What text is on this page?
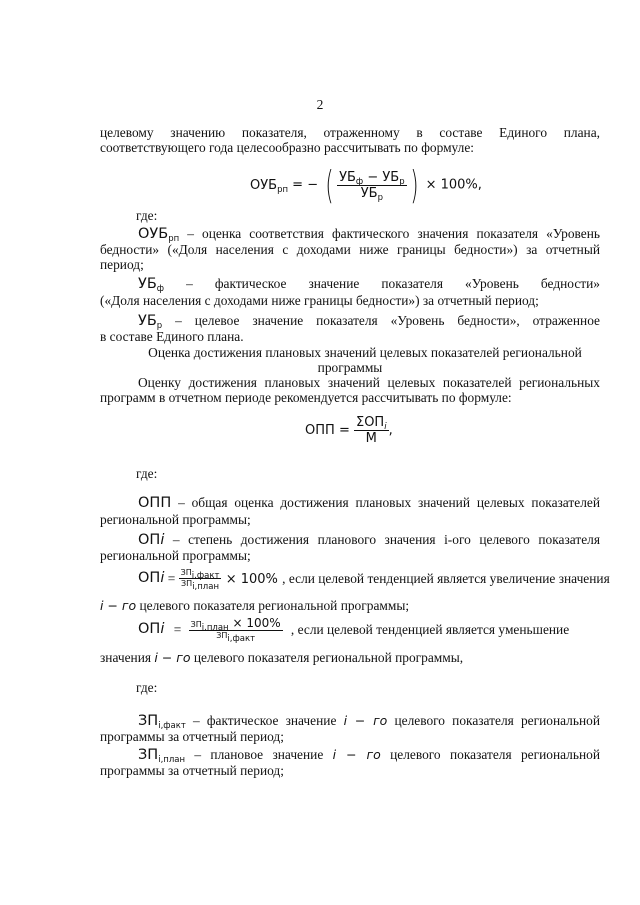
2
целевому значению показателя, отраженному в составе Единого плана,
соответствующего года целесообразно рассчитывать по формуле:
$ОУБ_{рп}$ = − ( $\frac{УБ_ф - УБ_р}{УБ_р}$ ) × 100%,
где:
$ОУБ_{рп}$ – оценка соответствия фактического значения показателя «Уровень
бедности» («Доля населения с доходами ниже границы бедности») за отчетный
период;
$УБ_ф$ – фактическое значение показателя «Уровень бедности»
(«Доля населения с доходами ниже границы бедности») за отчетный период;
$УБ_р$ – целевое значение показателя «Уровень бедности», отраженное
в составе Единого плана.
Оценка достижения плановых значений целевых показателей региональной
программы
Оценку достижения плановых значений целевых показателей региональных
программ в отчетном периоде рекомендуется рассчитывать по формуле:
ОПП = $\frac{\Sigma ОП_i}{М}$ ,
где:
ОПП – общая оценка достижения плановых значений целевых показателей
региональной программы;
ОПi – степень достижения планового значения i-ого целевого показателя
региональной программы;
ОПi = $\frac{ЗП_{i,факт}}{ЗП_{i,план}} \times 100\%$ , если целевой тенденцией является увеличение значения
i − го целевого показателя региональной программы;
ОПi = $\frac{ЗП_{i,план} \times 100\%}{ЗП_{i,факт}}$ , если целевой тенденцией является уменьшение
значения i − го целевого показателя региональной программы,
где:
$ЗП_{i,факт}$ – фактическое значение i − го целевого показателя региональной
программы за отчетный период;
$ЗП_{i,план}$ – плановое значение i − го целевого показателя региональной
программы за отчетный период;
